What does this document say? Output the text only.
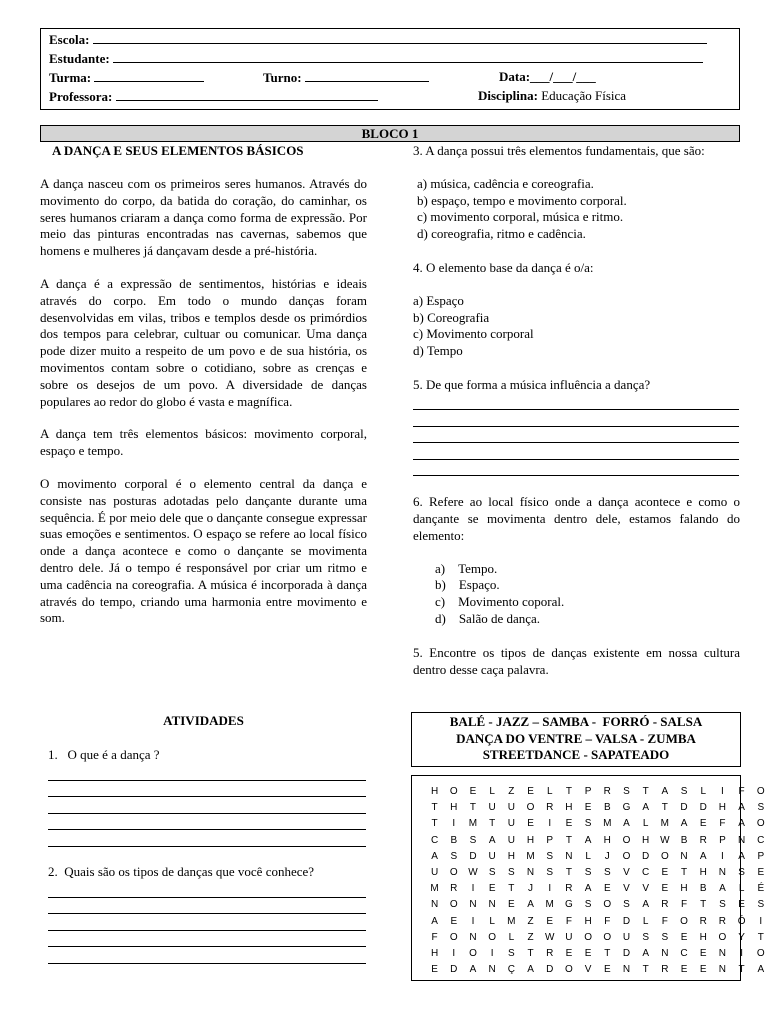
Escola:
Estudante:
Turma:	Turno:	Data:___/___/___
Professora:	Disciplina: Educação Física
BLOCO 1
A DANÇA E SEUS ELEMENTOS BÁSICOS

A dança nasceu com os primeiros seres humanos. Através do movimento do corpo, da batida do coração, do caminhar, os seres humanos criaram a dança como forma de expressão. Por meio das pinturas encontradas nas cavernas, sabemos que homens e mulheres já dançavam desde a pré-história.

A dança é a expressão de sentimentos, histórias e ideais através do corpo. Em todo o mundo danças foram desenvolvidas em vilas, tribos e templos desde os primórdios dos tempos para celebrar, cultuar ou comunicar. Uma dança pode dizer muito a respeito de um povo e de sua história, os movimentos contam sobre o cotidiano, sobre as crenças e sobre os desejos de um povo. A diversidade de danças populares ao redor do globo é vasta e magnífica.

A dança tem três elementos básicos: movimento corporal, espaço e tempo.

O movimento corporal é o elemento central da dança e consiste nas posturas adotadas pelo dançante durante uma sequência. É por meio dele que o dançante consegue expressar suas emoções e sentimentos. O espaço se refere ao local físico onde a dança acontece e como o dançante se movimenta dentro dele. Já o tempo é responsável por criar um ritmo e uma cadência na coreografia. A música é incorporada à dança através do tempo, criando uma harmonia entre movimento e som.

ATIVIDADES
1.   O que é a dança ?
2.  Quais são os tipos de danças que você conhece?

3. A dança possui três elementos fundamentais, que são:

a) música, cadência e coreografia.
b) espaço, tempo e movimento corporal.
c) movimento corporal, música e ritmo.
d) coreografia, ritmo e cadência.

4. O elemento base da dança é o/a:

a) Espaço
b) Coreografia
c) Movimento corporal
d) Tempo

5. De que forma a música influência a dança?

6. Refere ao local físico onde a dança acontece e como o dançante se movimenta dentro dele, estamos falando do elemento:

a)    Tempo.
b)    Espaço.
c)    Movimento coporal.
d)    Salão de dança.

5. Encontre os tipos de danças existente em nossa cultura dentro desse caça palavra.

BALÉ - JAZZ – SAMBA -  FORRÓ - SALSA
DANÇA DO VENTRE – VALSA - ZUMBA
STREETDANCE - SAPATEADO
H	O	E	L	Z	E	L	T	P	R	S	T	A	S	L	I	F	O
T	H	T	U	U	O	R	H	E	B	G	A	T	D	D	H	A	S
T	I	M	T	U	E	I	E	S	M	A	L	M	A	E	F	A	O
C	B	S	A	U	H	P	T	A	H	O	H	W	B	R	P	N	C
A	S	D	U	H	M	S	N	L	J	O	D	O	N	A	I	A	P
U	O	W	S	S	N	S	T	S	S	V	C	E	T	H	N	S	E
M	R	I	E	T	J	I	R	A	E	V	V	E	H	B	A	L	É
N	O	N	N	E	A	M	G	S	O	S	A	R	F	T	S	E	S
A	E	I	L	M	Z	E	F	H	F	D	L	F	O	R	R	Ó	I
F	O	N	O	L	Z	W	U	O	O	U	S	S	E	H	O	Y	T
H	I	O	I	S	T	R	E	E	T	D	A	N	C	E	N	I	O
E	D	A	N	Ç	A	D	O	V	E	N	T	R	E	E	N	T	A
